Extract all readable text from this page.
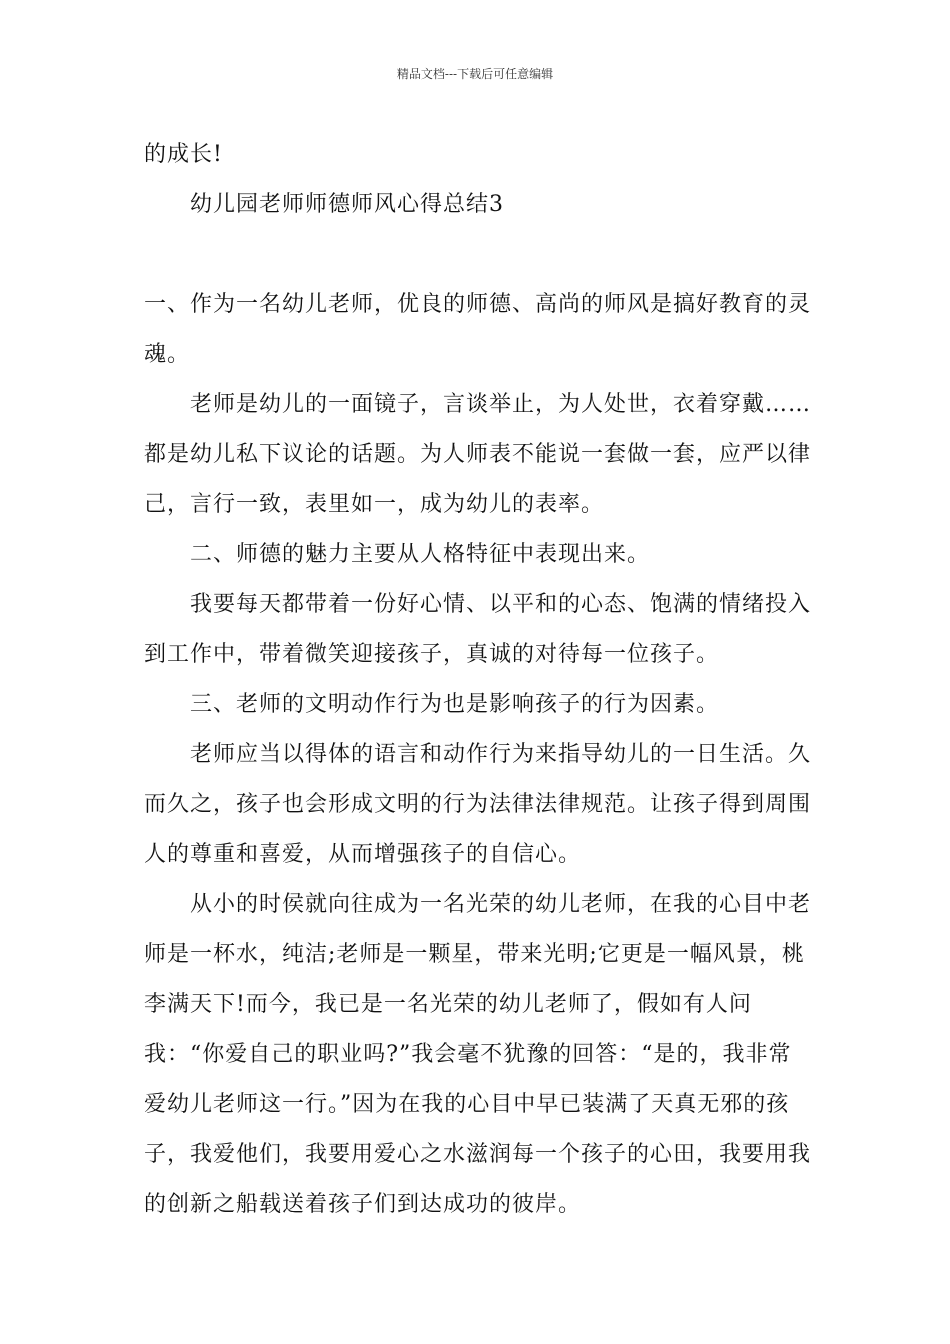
精品文档---下载后可任意编辑

的成长!

幼儿园老师师德师风心得总结3

一、作为一名幼儿老师，优良的师德、高尚的师风是搞好教育的灵魂。

老师是幼儿的一面镜子，言谈举止，为人处世，衣着穿戴……都是幼儿私下议论的话题。为人师表不能说一套做一套，应严以律己，言行一致，表里如一，成为幼儿的表率。

二、师德的魅力主要从人格特征中表现出来。

我要每天都带着一份好心情、以平和的心态、饱满的情绪投入到工作中，带着微笑迎接孩子，真诚的对待每一位孩子。

三、老师的文明动作行为也是影响孩子的行为因素。

老师应当以得体的语言和动作行为来指导幼儿的一日生活。久而久之，孩子也会形成文明的行为法律法律规范。让孩子得到周围人的尊重和喜爱，从而增强孩子的自信心。

从小的时侯就向往成为一名光荣的幼儿老师，在我的心目中老师是一杯水，纯洁;老师是一颗星，带来光明;它更是一幅风景，桃李满天下!而今，我已是一名光荣的幼儿老师了，假如有人问我：“你爱自己的职业吗?”我会毫不犹豫的回答：“是的，我非常爱幼儿老师这一行。”因为在我的心目中早已装满了天真无邪的孩子，我爱他们，我要用爱心之水滋润每一个孩子的心田，我要用我的创新之船载送着孩子们到达成功的彼岸。
